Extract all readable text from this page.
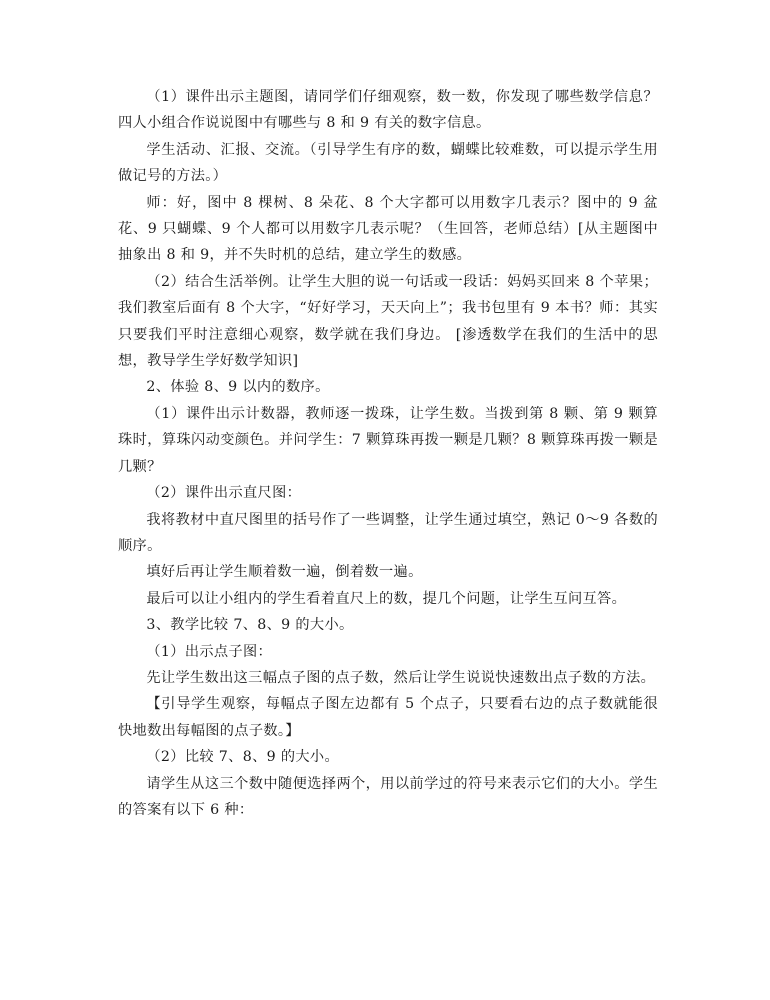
（1）课件出示主题图，请同学们仔细观察，数一数，你发现了哪些数学信息？四人小组合作说说图中有哪些与 8 和 9 有关的数字信息。

学生活动、汇报、交流。（引导学生有序的数，蝴蝶比较难数，可以提示学生用做记号的方法。）

师：好，图中 8 棵树、8 朵花、8 个大字都可以用数字几表示？图中的 9 盆花、9 只蝴蝶、9 个人都可以用数字几表示呢？（生回答，老师总结）[从主题图中抽象出 8 和 9，并不失时机的总结，建立学生的数感。

（2）结合生活举例。让学生大胆的说一句话或一段话：妈妈买回来 8 个苹果；我们教室后面有 8 个大字，“好好学习，天天向上”；我书包里有 9 本书？师：其实只要我们平时注意细心观察，数学就在我们身边。 [渗透数学在我们的生活中的思想，教导学生学好数学知识]

2、体验 8、9 以内的数序。

（1）课件出示计数器，教师逐一拨珠，让学生数。当拨到第 8 颗、第 9 颗算珠时，算珠闪动变颜色。并问学生：7 颗算珠再拨一颗是几颗？8 颗算珠再拨一颗是几颗？

（2）课件出示直尺图：

我将教材中直尺图里的括号作了一些调整，让学生通过填空，熟记 0～9 各数的顺序。

填好后再让学生顺着数一遍，倒着数一遍。

最后可以让小组内的学生看着直尺上的数，提几个问题，让学生互问互答。

3、教学比较 7、8、9 的大小。

（1）出示点子图：

先让学生数出这三幅点子图的点子数，然后让学生说说快速数出点子数的方法。

【引导学生观察，每幅点子图左边都有 5 个点子，只要看右边的点子数就能很快地数出每幅图的点子数。】

（2）比较 7、8、9 的大小。

请学生从这三个数中随便选择两个，用以前学过的符号来表示它们的大小。学生的答案有以下 6 种：
